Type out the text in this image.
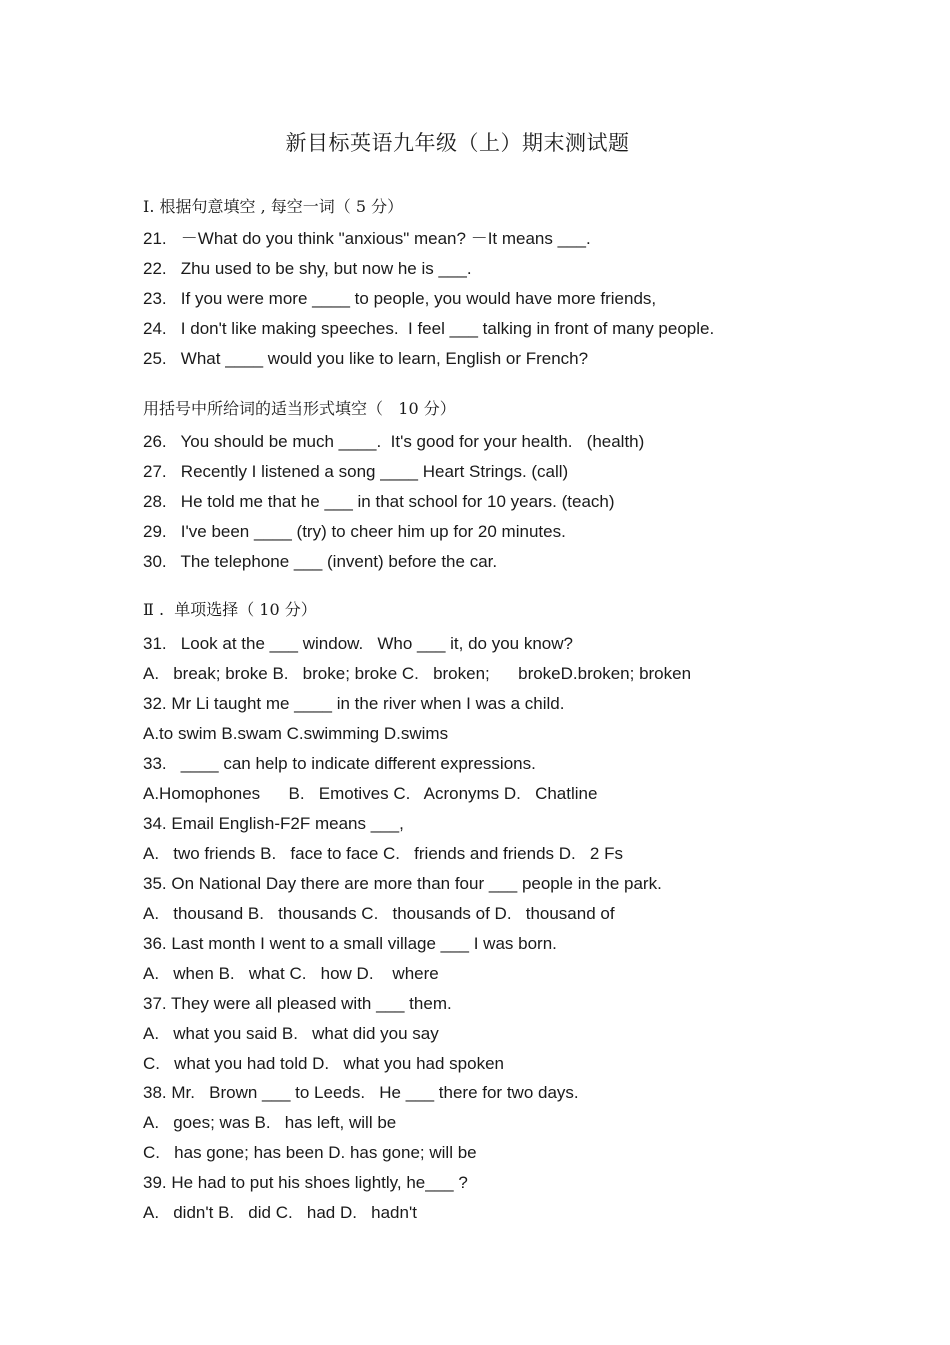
新目标英语九年级（上）期末测试题
Ⅰ. 根据句意填空 , 每空一词（ 5 分）
21.   －What do you think "anxious" mean? －It means ___.
22.   Zhu used to be shy, but now he is ___.
23.   If you were more ____ to people, you would have more friends,
24.   I don't like making speeches.  I feel ___ talking in front of many people.
25.   What ____ would you like to learn, English or French?
用括号中所给词的适当形式填空（   10 分）
26.   You should be much ____.  It's good for your health.   (health)
27.   Recently I listened a song ____ Heart Strings. (call)
28.   He told me that he ___ in that school for 10 years. (teach)
29.   I've been ____ (try) to cheer him up for 20 minutes.
30.   The telephone ___ (invent) before the car.
Ⅱ .  单项选择（ 10 分）
31.   Look at the ___ window.   Who ___ it, do you know?
A.   break; broke B.   broke; broke C.   broken;      brokeD.broken; broken
32. Mr Li taught me ____ in the river when I was a child.
A.to swim B.swam C.swimming D.swims
33.   ____ can help to indicate different expressions.
A.Homophones      B.   Emotives C.   Acronyms D.   Chatline
34. Email English-F2F means ___,
A.   two friends B.   face to face C.   friends and friends D.   2 Fs
35. On National Day there are more than four ___ people in the park.
A.   thousand B.   thousands C.   thousands of D.   thousand of
36. Last month I went to a small village ___ I was born.
A.   when B.   what C.   how D.    where
37. They were all pleased with ___ them.
A.   what you said B.   what did you say
C.   what you had told D.   what you had spoken
38. Mr.   Brown ___ to Leeds.   He ___ there for two days.
A.   goes; was B.   has left, will be
C.   has gone; has been D. has gone; will be
39. He had to put his shoes lightly, he___ ?
A.   didn't B.   did C.   had D.   hadn't
